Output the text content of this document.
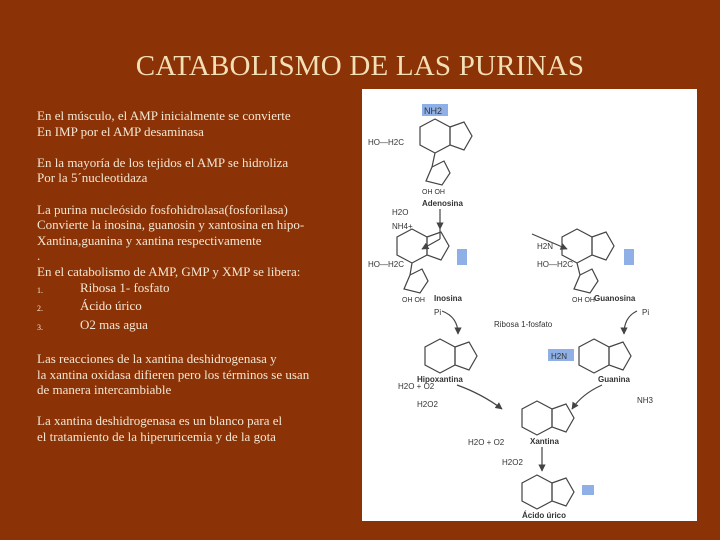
CATABOLISMO DE LAS PURINAS

En el músculo, el AMP inicialmente se convierte

En IMP por el AMP desaminasa

En la mayoría de los tejidos el AMP se hidroliza

Por la 5´nucleotidaza

La purina nucleósido fosfohidrolasa(fosforilasa)

Convierte la inosina, guanosin y xantosina en hipo-

Xantina,guanina y xantina respectivamente

.

En el catabolismo de AMP, GMP y XMP se libera:

1.	Ribosa 1- fosfato
2.	Ácido úrico
3.	O2 mas agua

Las reacciones de la xantina deshidrogenasa y

la xantina oxidasa difieren pero los términos se usan

de manera intercambiable

La xantina deshidrogenasa es un blanco para el

el tratamiento de la hiperuricemia y de la gota

NH2
HO—H2C
OH OH
Adenosina
H2O
NH4+
HO—H2C
OH OH Inosina
H2N
HO—H2C
OH OH Guanosina
Pi	Pi
Ribosa 1-fosfato
Hipoxantina
H2N
Guanina
H2O + O2
H2O2	NH3
Xantina
H2O + O2
H2O2
Ácido úrico
